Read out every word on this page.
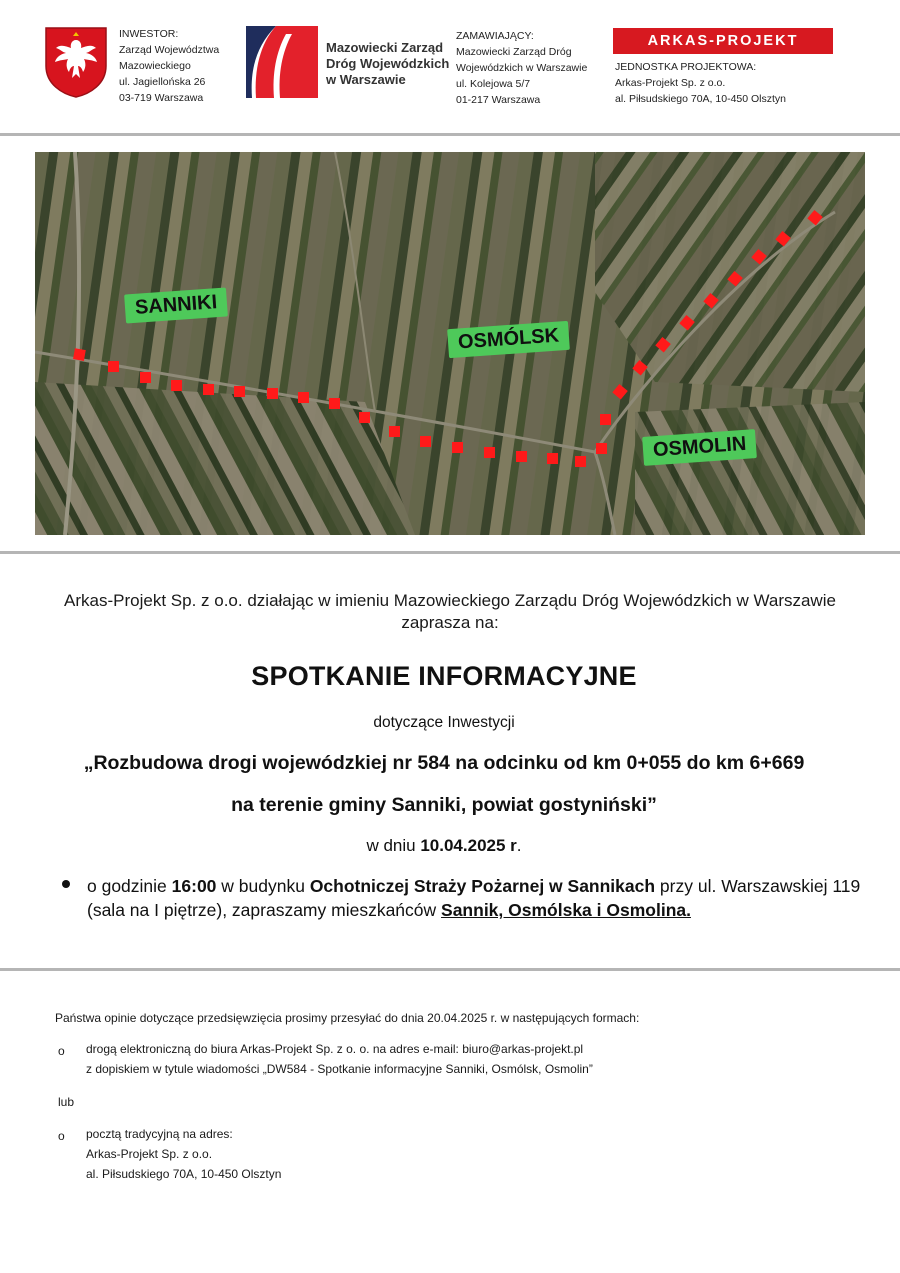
INWESTOR:
Zarząd Województwa
Mazowieckiego
ul. Jagiellońska 26
03-719 Warszawa
Mazowiecki Zarząd
Dróg Wojewódzkich
w Warszawie
ZAMAWIAJĄCY:
Mazowiecki Zarząd Dróg
Wojewódzkich w Warszawie
ul. Kolejowa 5/7
01-217 Warszawa
ARKAS-PROJEKT
JEDNOSTKA PROJEKTOWA:
Arkas-Projekt Sp. z o.o.
al. Piłsudskiego 70A, 10-450 Olsztyn
SANNIKI
OSMÓLSK
OSMOLIN
Arkas-Projekt Sp. z o.o. działając w imieniu Mazowieckiego Zarządu Dróg Wojewódzkich w Warszawie
zaprasza na:
SPOTKANIE INFORMACYJNE
dotyczące Inwestycji
„Rozbudowa drogi wojewódzkiej nr 584 na odcinku od km 0+055 do km 6+669
na terenie gminy Sanniki, powiat gostyniński”
w dniu 10.04.2025 r.
o godzinie 16:00 w budynku Ochotniczej Straży Pożarnej w Sannikach przy ul. Warszawskiej 119
(sala na I piętrze), zapraszamy mieszkańców Sannik, Osmólska i Osmolina.
Państwa opinie dotyczące przedsięwzięcia prosimy przesyłać do dnia 20.04.2025 r. w następujących formach:
o drogą elektroniczną do biura Arkas-Projekt Sp. z o. o. na adres e-mail: biuro@arkas-projekt.pl
z dopiskiem w tytule wiadomości „DW584 - Spotkanie informacyjne Sanniki, Osmólsk, Osmolin”
lub
o pocztą tradycyjną na adres:
Arkas-Projekt Sp. z o.o.
al. Piłsudskiego 70A, 10-450 Olsztyn
